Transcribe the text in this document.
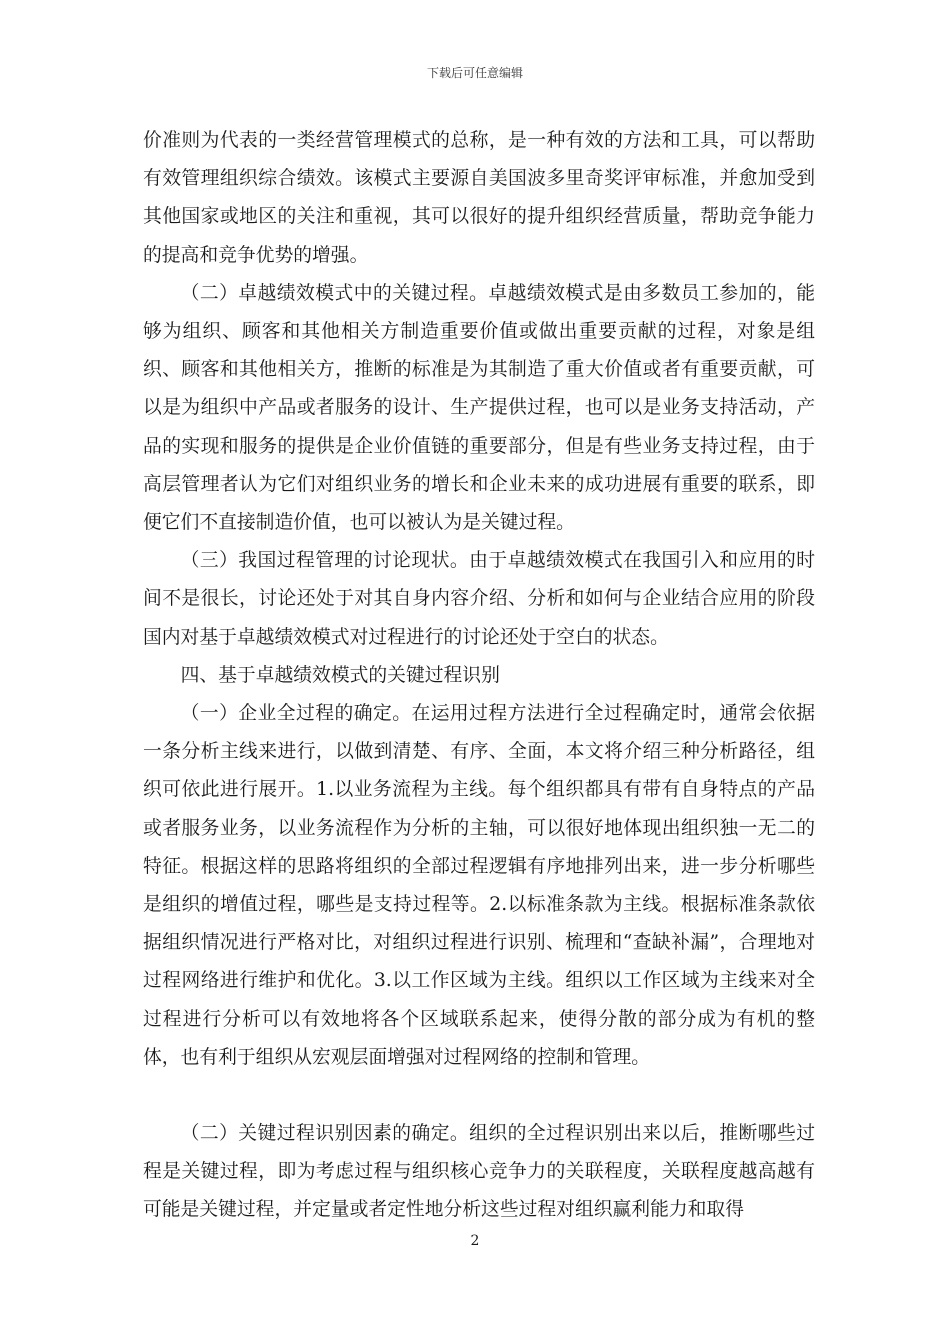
下载后可任意编辑

价准则为代表的一类经营管理模式的总称，是一种有效的方法和工具，可以帮助有效管理组织综合绩效。该模式主要源自美国波多里奇奖评审标准，并愈加受到其他国家或地区的关注和重视，其可以很好的提升组织经营质量，帮助竞争能力的提高和竞争优势的增强。

（二）卓越绩效模式中的关键过程。卓越绩效模式是由多数员工参加的，能够为组织、顾客和其他相关方制造重要价值或做出重要贡献的过程，对象是组织、顾客和其他相关方，推断的标准是为其制造了重大价值或者有重要贡献，可以是为组织中产品或者服务的设计、生产提供过程，也可以是业务支持活动，产品的实现和服务的提供是企业价值链的重要部分，但是有些业务支持过程，由于高层管理者认为它们对组织业务的增长和企业未来的成功进展有重要的联系，即便它们不直接制造价值，也可以被认为是关键过程。

（三）我国过程管理的讨论现状。由于卓越绩效模式在我国引入和应用的时间不是很长，讨论还处于对其自身内容介绍、分析和如何与企业结合应用的阶段国内对基于卓越绩效模式对过程进行的讨论还处于空白的状态。

四、基于卓越绩效模式的关键过程识别

（一）企业全过程的确定。在运用过程方法进行全过程确定时，通常会依据一条分析主线来进行，以做到清楚、有序、全面，本文将介绍三种分析路径，组织可依此进行展开。1.以业务流程为主线。每个组织都具有带有自身特点的产品或者服务业务，以业务流程作为分析的主轴，可以很好地体现出组织独一无二的特征。根据这样的思路将组织的全部过程逻辑有序地排列出来，进一步分析哪些是组织的增值过程，哪些是支持过程等。2.以标准条款为主线。根据标准条款依据组织情况进行严格对比，对组织过程进行识别、梳理和“查缺补漏”，合理地对过程网络进行维护和优化。3.以工作区域为主线。组织以工作区域为主线来对全过程进行分析可以有效地将各个区域联系起来，使得分散的部分成为有机的整体，也有利于组织从宏观层面增强对过程网络的控制和管理。

（二）关键过程识别因素的确定。组织的全过程识别出来以后，推断哪些过程是关键过程，即为考虑过程与组织核心竞争力的关联程度，关联程度越高越有可能是关键过程，并定量或者定性地分析这些过程对组织赢利能力和取得

2
